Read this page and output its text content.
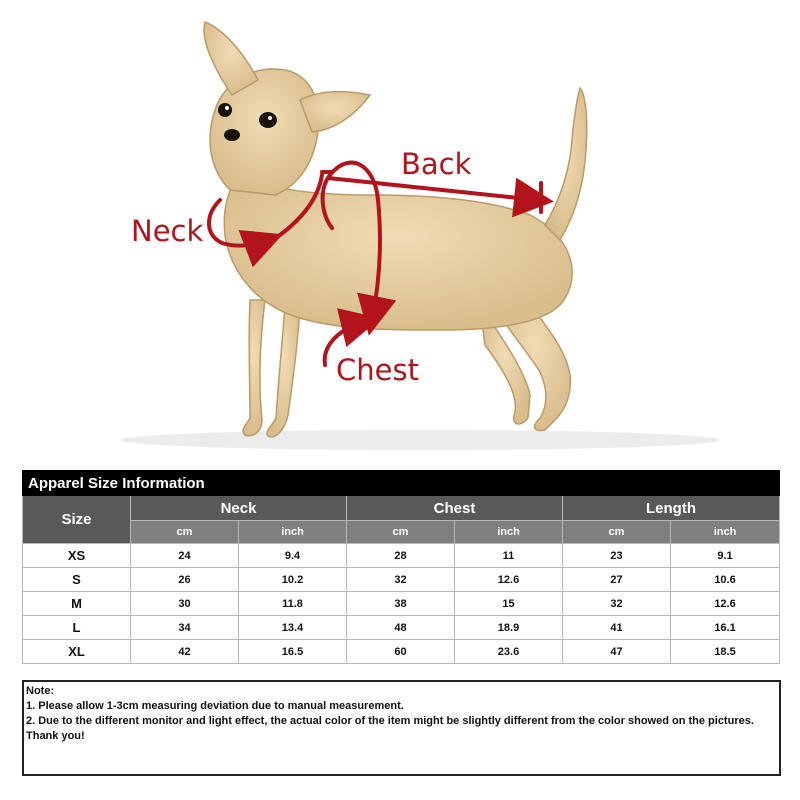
Neck
Back
Chest
Apparel Size Information						
Size	Neck		Chest		Length	
	cm	inch	cm	inch	cm	inch
XS	24	9.4	28	11	23	9.1
S	26	10.2	32	12.6	27	10.6
M	30	11.8	38	15	32	12.6
L	34	13.4	48	18.9	41	16.1
XL	42	16.5	60	23.6	47	18.5
Note:
1. Please allow 1-3cm measuring deviation due to manual measurement.
2. Due to the different monitor and light effect, the actual color of the item might be slightly different from the color showed on the pictures. Thank you!
